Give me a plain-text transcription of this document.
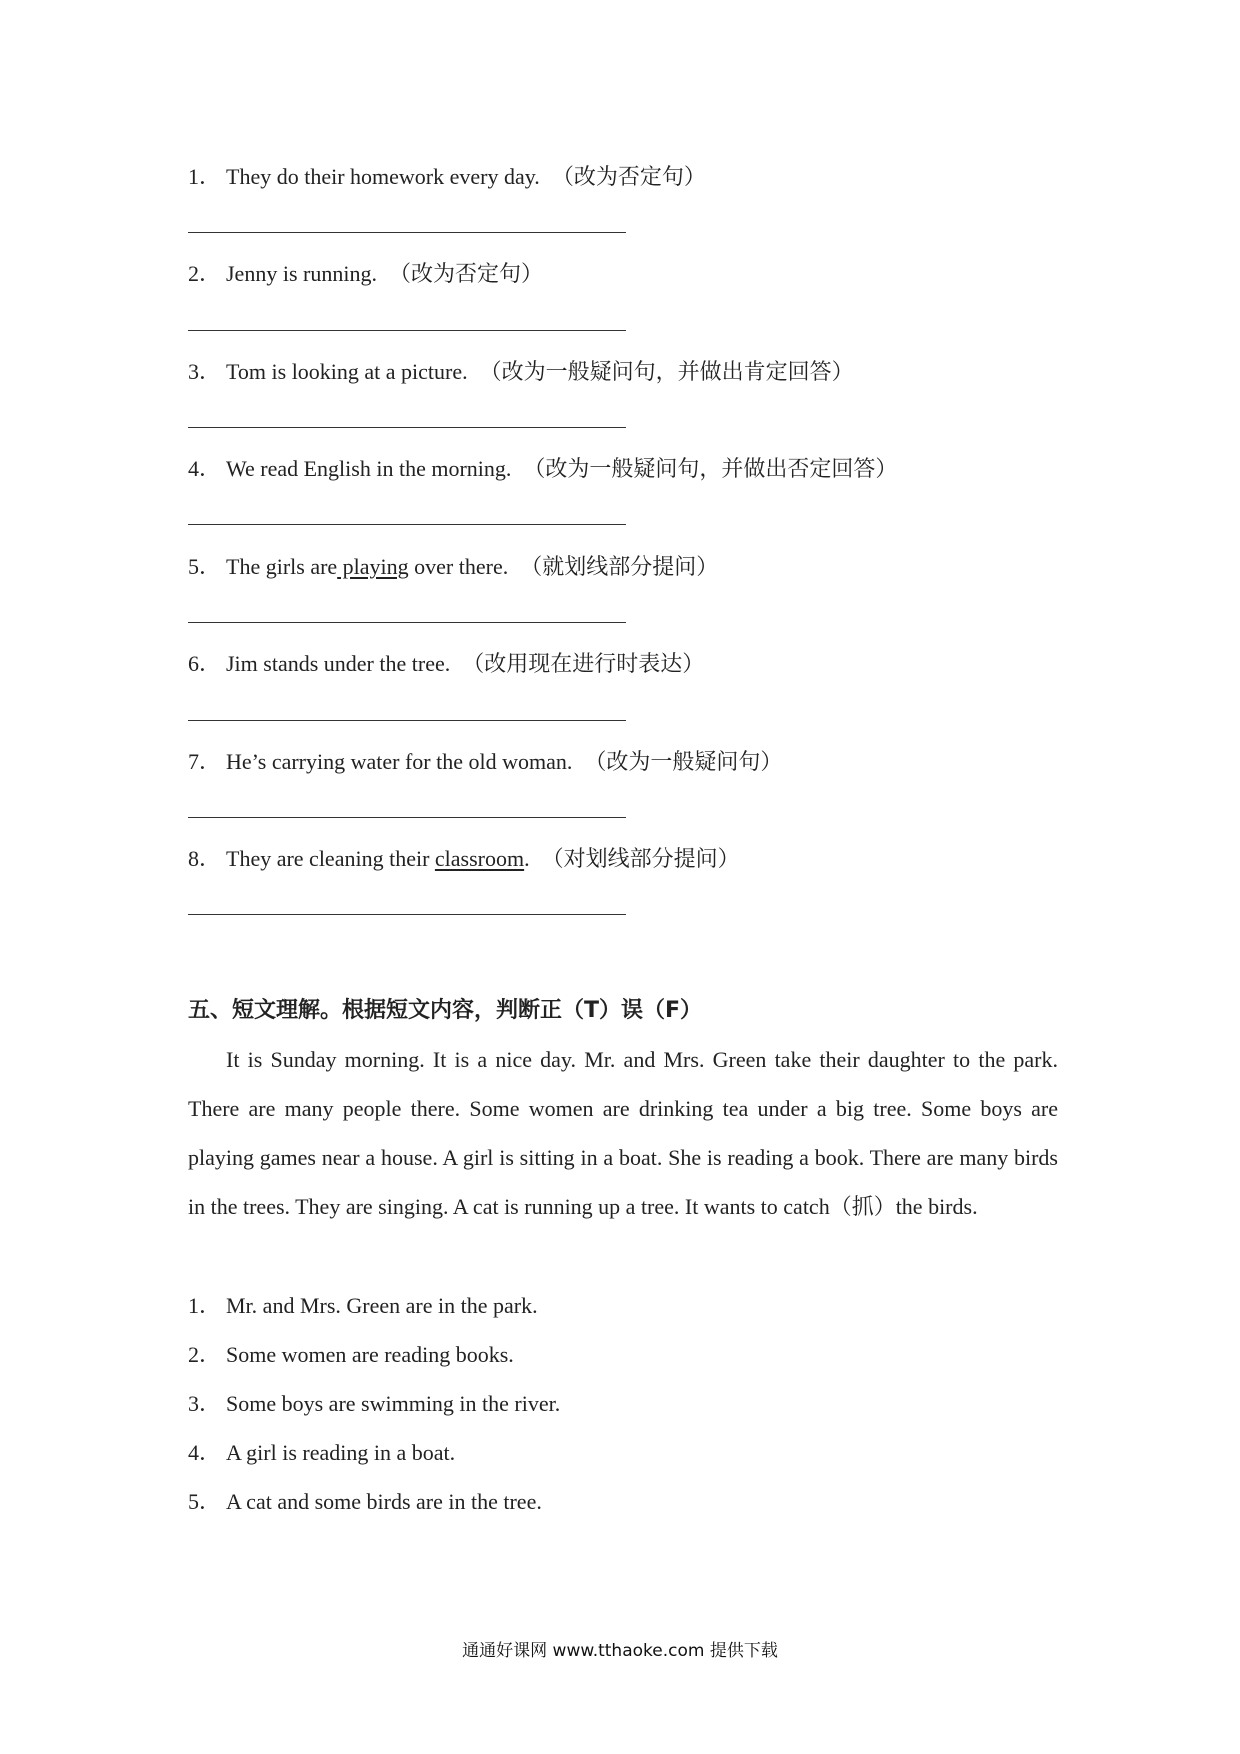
1． They do their homework every day. （改为否定句）
2． Jenny is running. （改为否定句）
3． Tom is looking at a picture. （改为一般疑问句，并做出肯定回答）
4． We read English in the morning. （改为一般疑问句，并做出否定回答）
5． The girls are playing over there. （就划线部分提问）
6． Jim stands under the tree. （改用现在进行时表达）
7． He’s carrying water for the old woman. （改为一般疑问句）
8． They are cleaning their classroom. （对划线部分提问）
五、短文理解。根据短文内容，判断正（T）误（F）

It is Sunday morning. It is a nice day. Mr. and Mrs. Green take their daughter to the park. There are many people there. Some women are drinking tea under a big tree. Some boys are playing games near a house. A girl is sitting in a boat. She is reading a book. There are many birds in the trees. They are singing. A cat is running up a tree. It wants to catch（抓）the birds.

1． Mr. and Mrs. Green are in the park.
2． Some women are reading books.
3． Some boys are swimming in the river.
4． A girl is reading in a boat.
5． A cat and some birds are in the tree.
通通好课网 www.tthaoke.com 提供下载
